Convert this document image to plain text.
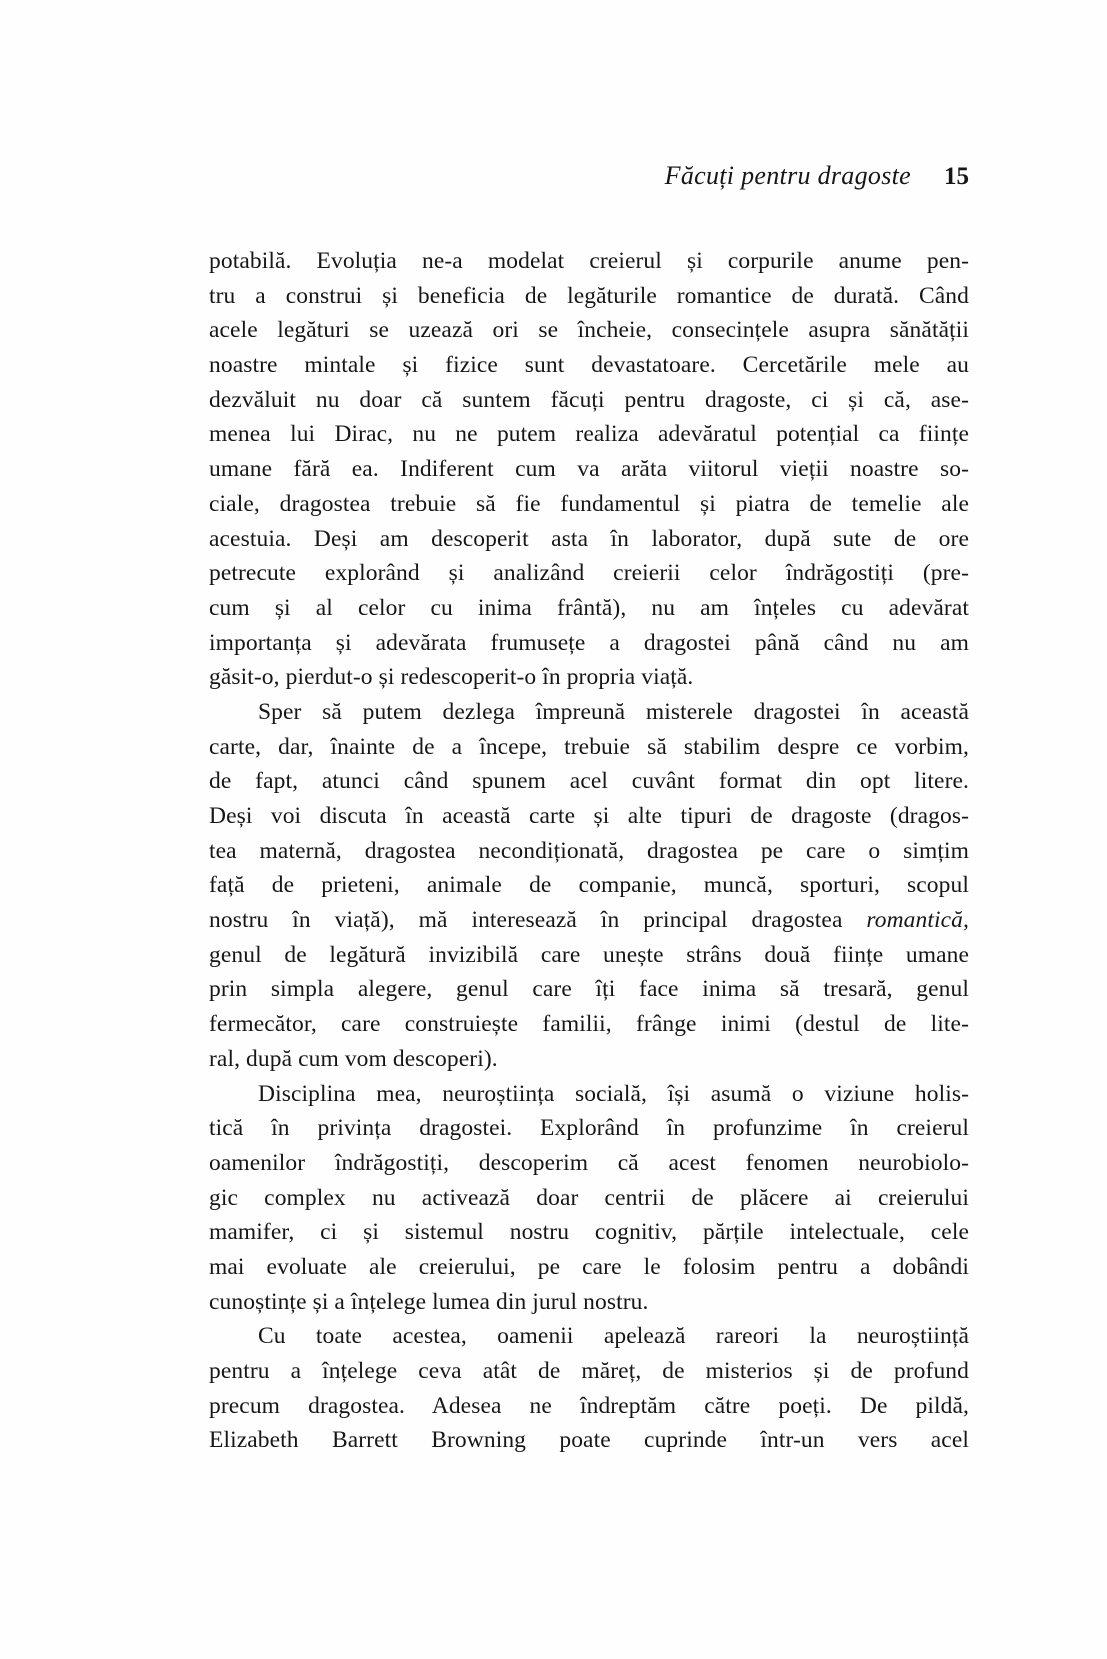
Făcuți pentru dragoste 15
potabilă. Evoluția ne-a modelat creierul și corpurile anume pen-
tru a construi și beneficia de legăturile romantice de durată. Când
acele legături se uzează ori se încheie, consecințele asupra sănătății
noastre mintale și fizice sunt devastatoare. Cercetările mele au
dezvăluit nu doar că suntem făcuți pentru dragoste, ci și că, ase-
menea lui Dirac, nu ne putem realiza adevăratul potențial ca ființe
umane fără ea. Indiferent cum va arăta viitorul vieții noastre so-
ciale, dragostea trebuie să fie fundamentul și piatra de temelie ale
acestuia. Deși am descoperit asta în laborator, după sute de ore
petrecute explorând și analizând creierii celor îndrăgostiți (pre-
cum și al celor cu inima frântă), nu am înțeles cu adevărat
importanța și adevărata frumusețe a dragostei până când nu am
găsit-o, pierdut-o și redescoperit-o în propria viață.
Sper să putem dezlega împreună misterele dragostei în această
carte, dar, înainte de a începe, trebuie să stabilim despre ce vorbim,
de fapt, atunci când spunem acel cuvânt format din opt litere.
Deși voi discuta în această carte și alte tipuri de dragoste (dragos-
tea maternă, dragostea necondiționată, dragostea pe care o simțim
față de prieteni, animale de companie, muncă, sporturi, scopul
nostru în viață), mă interesează în principal dragostea romantică,
genul de legătură invizibilă care unește strâns două ființe umane
prin simpla alegere, genul care îți face inima să tresară, genul
fermecător, care construiește familii, frânge inimi (destul de lite-
ral, după cum vom descoperi).
Disciplina mea, neuroștiința socială, își asumă o viziune holis-
tică în privința dragostei. Explorând în profunzime în creierul
oamenilor îndrăgostiți, descoperim că acest fenomen neurobiolo-
gic complex nu activează doar centrii de plăcere ai creierului
mamifer, ci și sistemul nostru cognitiv, părțile intelectuale, cele
mai evoluate ale creierului, pe care le folosim pentru a dobândi
cunoștințe și a înțelege lumea din jurul nostru.
Cu toate acestea, oamenii apelează rareori la neuroștiință
pentru a înțelege ceva atât de măreț, de misterios și de profund
precum dragostea. Adesea ne îndreptăm către poeți. De pildă,
Elizabeth Barrett Browning poate cuprinde într-un vers acel
